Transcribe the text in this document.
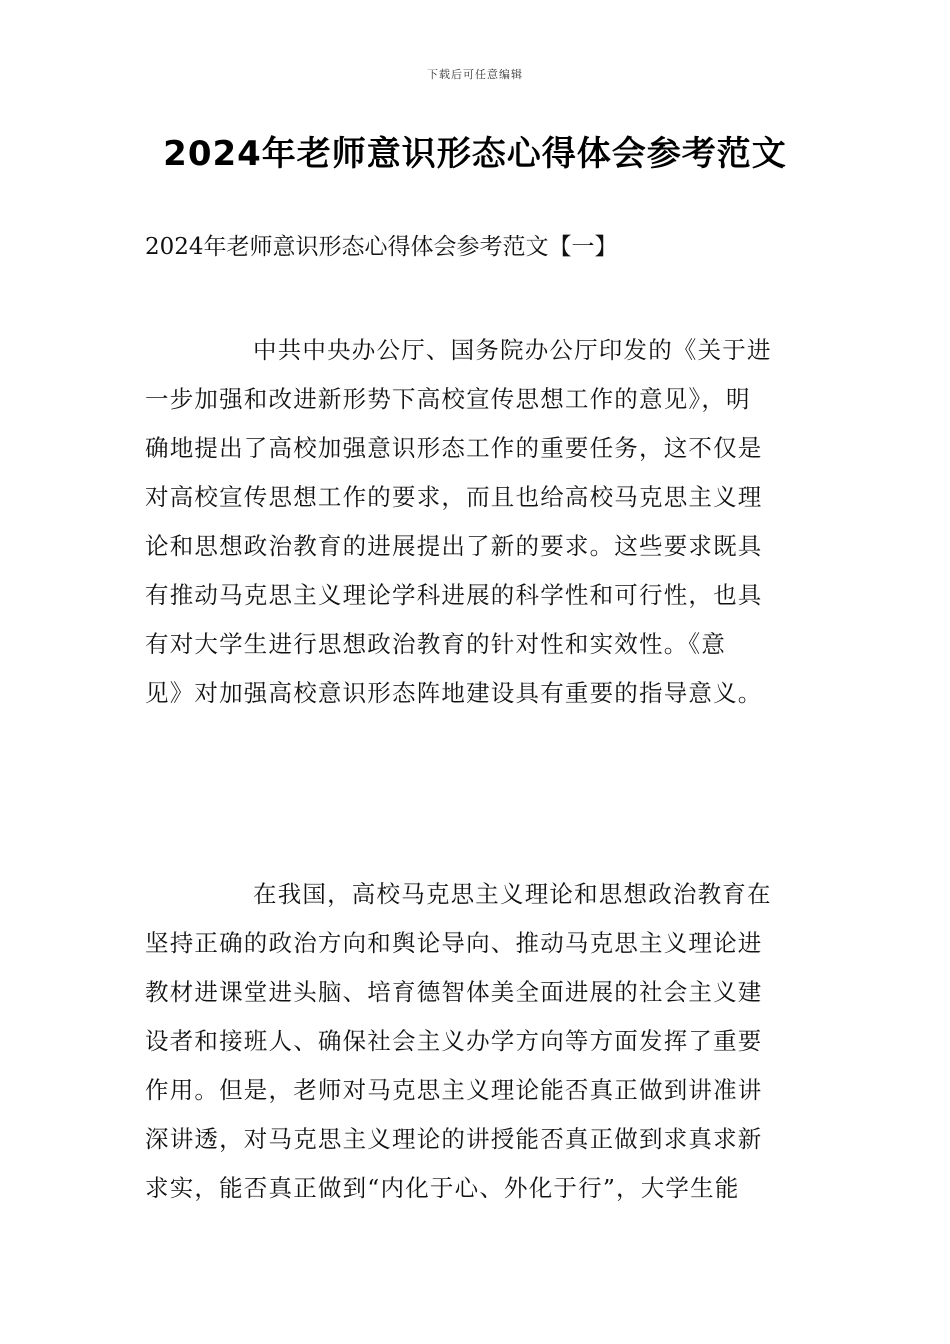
下载后可任意编辑
2024年老师意识形态心得体会参考范文
2024年老师意识形态心得体会参考范文【一】
中共中央办公厅、国务院办公厅印发的《关于进
一步加强和改进新形势下高校宣传思想工作的意见》，明
确地提出了高校加强意识形态工作的重要任务，这不仅是
对高校宣传思想工作的要求，而且也给高校马克思主义理
论和思想政治教育的进展提出了新的要求。这些要求既具
有推动马克思主义理论学科进展的科学性和可行性，也具
有对大学生进行思想政治教育的针对性和实效性。《意
见》对加强高校意识形态阵地建设具有重要的指导意义。
在我国，高校马克思主义理论和思想政治教育在
坚持正确的政治方向和舆论导向、推动马克思主义理论进
教材进课堂进头脑、培育德智体美全面进展的社会主义建
设者和接班人、确保社会主义办学方向等方面发挥了重要
作用。但是，老师对马克思主义理论能否真正做到讲准讲
深讲透，对马克思主义理论的讲授能否真正做到求真求新
求实，能否真正做到“内化于心、外化于行”，大学生能
